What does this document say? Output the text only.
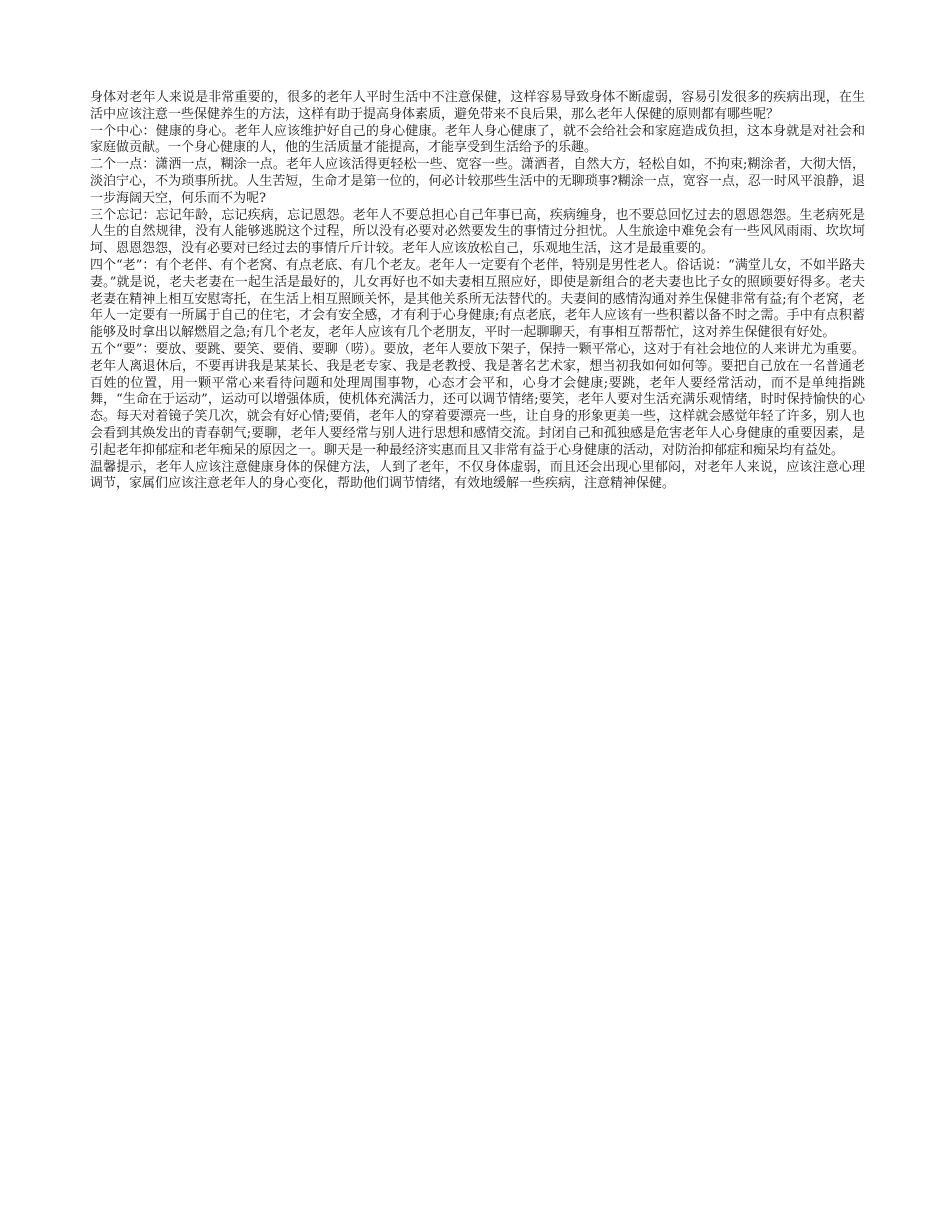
身体对老年人来说是非常重要的，很多的老年人平时生活中不注意保健，这样容易导致身体不断虚弱，容易引发很多的疾病出现，在生活中应该注意一些保健养生的方法，这样有助于提高身体素质，避免带来不良后果，那么老年人保健的原则都有哪些呢？

一个中心：健康的身心。老年人应该维护好自己的身心健康。老年人身心健康了，就不会给社会和家庭造成负担，这本身就是对社会和家庭做贡献。一个身心健康的人，他的生活质量才能提高，才能享受到生活给予的乐趣。

二个一点：潇洒一点，糊涂一点。老年人应该活得更轻松一些、宽容一些。潇洒者，自然大方，轻松自如，不拘束;糊涂者，大彻大悟，淡泊宁心，不为琐事所扰。人生苦短，生命才是第一位的，何必计较那些生活中的无聊琐事?糊涂一点，宽容一点，忍一时风平浪静，退一步海阔天空，何乐而不为呢?

三个忘记：忘记年龄，忘记疾病，忘记恩怨。老年人不要总担心自己年事已高，疾病缠身，也不要总回忆过去的恩恩怨怨。生老病死是人生的自然规律，没有人能够逃脱这个过程，所以没有必要对必然要发生的事情过分担忧。人生旅途中难免会有一些风风雨雨、坎坎坷坷、恩恩怨怨，没有必要对已经过去的事情斤斤计较。老年人应该放松自己，乐观地生活，这才是最重要的。

四个“老”：有个老伴、有个老窝、有点老底、有几个老友。老年人一定要有个老伴，特别是男性老人。俗话说：“满堂儿女，不如半路夫妻。”就是说，老夫老妻在一起生活是最好的，儿女再好也不如夫妻相互照应好，即使是新组合的老夫妻也比子女的照顾要好得多。老夫老妻在精神上相互安慰寄托，在生活上相互照顾关怀，是其他关系所无法替代的。夫妻间的感情沟通对养生保健非常有益;有个老窝，老年人一定要有一所属于自己的住宅，才会有安全感，才有利于心身健康;有点老底，老年人应该有一些积蓄以备不时之需。手中有点积蓄能够及时拿出以解燃眉之急;有几个老友，老年人应该有几个老朋友，平时一起聊聊天，有事相互帮帮忙，这对养生保健很有好处。

五个“要”：要放、要跳、要笑、要俏、要聊（唠）。要放，老年人要放下架子，保持一颗平常心，这对于有社会地位的人来讲尤为重要。老年人离退休后，不要再讲我是某某长、我是老专家、我是老教授、我是著名艺术家，想当初我如何如何等。要把自己放在一名普通老百姓的位置，用一颗平常心来看待问题和处理周围事物，心态才会平和，心身才会健康;要跳，老年人要经常活动，而不是单纯指跳舞，“生命在于运动”，运动可以增强体质，使机体充满活力，还可以调节情绪;要笑，老年人要对生活充满乐观情绪，时时保持愉快的心态。每天对着镜子笑几次，就会有好心情;要俏，老年人的穿着要漂亮一些，让自身的形象更美一些，这样就会感觉年轻了许多，别人也会看到其焕发出的青春朝气;要聊，老年人要经常与别人进行思想和感情交流。封闭自己和孤独感是危害老年人心身健康的重要因素，是引起老年抑郁症和老年痴呆的原因之一。聊天是一种最经济实惠而且又非常有益于心身健康的活动，对防治抑郁症和痴呆均有益处。

温馨提示，老年人应该注意健康身体的保健方法，人到了老年，不仅身体虚弱，而且还会出现心里郁闷，对老年人来说，应该注意心理调节，家属们应该注意老年人的身心变化，帮助他们调节情绪，有效地缓解一些疾病，注意精神保健。
